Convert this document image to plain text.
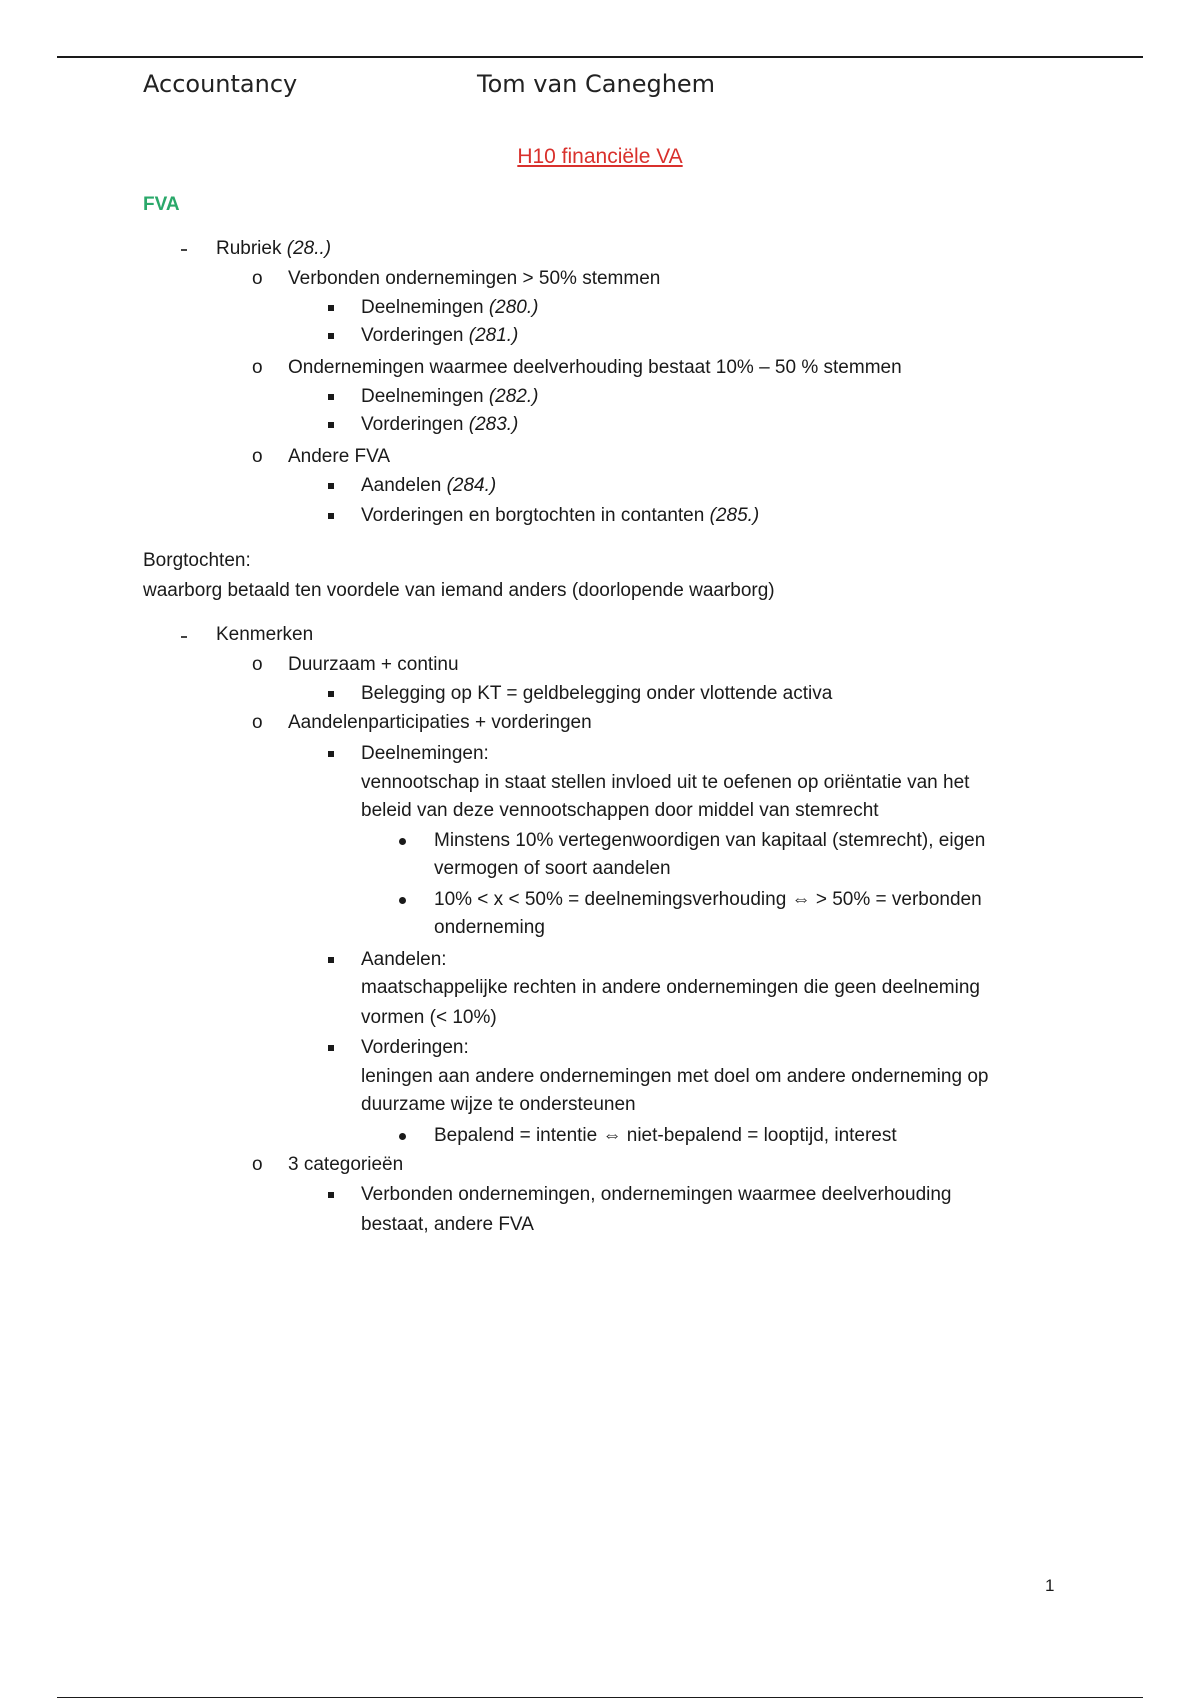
Accountancy	Tom van Caneghem
H10 financiële VA
FVA
Rubriek (28..)
o Verbonden ondernemingen > 50% stemmen
Deelnemingen (280.)
Vorderingen (281.)
o Ondernemingen waarmee deelverhouding bestaat 10% – 50 % stemmen
Deelnemingen (282.)
Vorderingen (283.)
o Andere FVA
Aandelen (284.)
Vorderingen en borgtochten in contanten (285.)
Borgtochten:
waarborg betaald ten voordele van iemand anders (doorlopende waarborg)
Kenmerken
o Duurzaam + continu
Belegging op KT = geldbelegging onder vlottende activa
o Aandelenparticipaties + vorderingen
Deelnemingen:
vennootschap in staat stellen invloed uit te oefenen op oriëntatie van het
beleid van deze vennootschappen door middel van stemrecht
Minstens 10% vertegenwoordigen van kapitaal (stemrecht), eigen
vermogen of soort aandelen
10% < x < 50% = deelnemingsverhouding ⇔ > 50% = verbonden
onderneming
Aandelen:
maatschappelijke rechten in andere ondernemingen die geen deelneming
vormen (< 10%)
Vorderingen:
leningen aan andere ondernemingen met doel om andere onderneming op
duurzame wijze te ondersteunen
Bepalend = intentie ⇔ niet-bepalend = looptijd, interest
o 3 categorieën
Verbonden ondernemingen, ondernemingen waarmee deelverhouding
bestaat, andere FVA
1
